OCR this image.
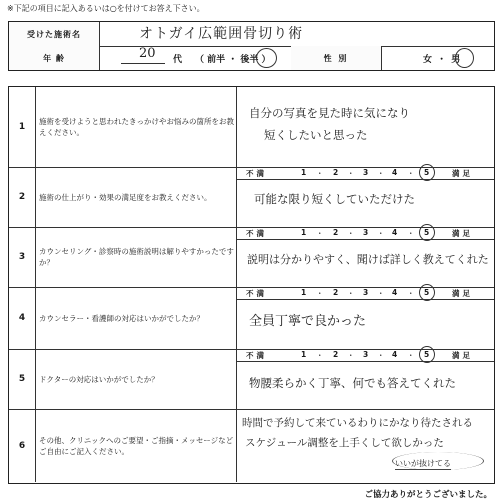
※下記の項目に記入あるいは○を付けてお答え下さい。
受けた施術名	オトガイ広範囲骨切り術
年 齢	20 代 （ 前半 ・ 後半 ）	性 別	女 ・ 男
1
施術を受けようと思われたきっかけやお悩みの箇所をお教えください。
自分の写真を見た時に気になり
短くしたいと思った
2	施術の仕上がり・効果の満足度をお教えください。
不満	1	2	3	4	5	満足
・	・	・	・
可能な限り短くしていただけた
3
カウンセリング・診察時の施術説明は解りやすかったですか？
不満	1	2	3	4	5	満足
・	・	・	・
説明は分かりやすく、聞けば詳しく教えてくれた
4	カウンセラー・看護師の対応はいかがでしたか？
不満	1	2	3	4	5	満足
・	・	・	・
全員丁寧で良かった
5	ドクターの対応はいかがでしたか？
不満	1	2	3	4	5	満足
・	・	・	・
物腰柔らかく丁寧、何でも答えてくれた
6
その他、クリニックへのご要望・ご指摘・メッセージなどご自由にご記入ください。
時間で予約して来ているわりにかなり待たされる
スケジュール調整を上手くして欲しかった
いいが抜けてる
ご協力ありがとうございました。
